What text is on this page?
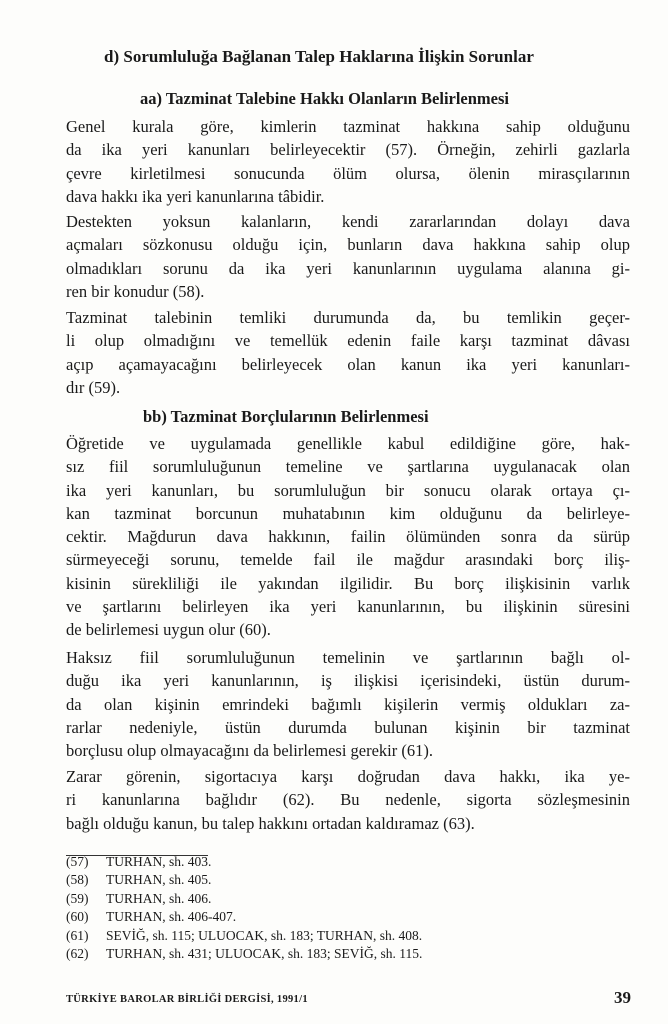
d) Sorumluluğa Bağlanan Talep Haklarına İlişkin Sorunlar
aa) Tazminat Talebine Hakkı Olanların Belirlenmesi
Genel kurala göre, kimlerin tazminat hakkına sahip olduğunu
da ika yeri kanunları belirleyecektir (57). Örneğin, zehirli gazlarla
çevre kirletilmesi sonucunda ölüm olursa, ölenin mirasçılarının
dava hakkı ika yeri kanunlarına tâbidir.
Destekten yoksun kalanların, kendi zararlarından dolayı dava
açmaları sözkonusu olduğu için, bunların dava hakkına sahip olup
olmadıkları sorunu da ika yeri kanunlarının uygulama alanına gi-
ren bir konudur (58).
Tazminat talebinin temliki durumunda da, bu temlikin geçer-
li olup olmadığını ve temellük edenin faile karşı tazminat dâvası
açıp açamayacağını belirleyecek olan kanun ika yeri kanunları-
dır (59).
bb) Tazminat Borçlularının Belirlenmesi
Öğretide ve uygulamada genellikle kabul edildiğine göre, hak-
sız fiil sorumluluğunun temeline ve şartlarına uygulanacak olan
ika yeri kanunları, bu sorumluluğun bir sonucu olarak ortaya çı-
kan tazminat borcunun muhatabının kim olduğunu da belirleye-
cektir. Mağdurun dava hakkının, failin ölümünden sonra da sürüp
sürmeyeceği sorunu, temelde fail ile mağdur arasındaki borç iliş-
kisinin sürekliliği ile yakından ilgilidir. Bu borç ilişkisinin varlık
ve şartlarını belirleyen ika yeri kanunlarının, bu ilişkinin süresini
de belirlemesi uygun olur (60).
Haksız fiil sorumluluğunun temelinin ve şartlarının bağlı ol-
duğu ika yeri kanunlarının, iş ilişkisi içerisindeki, üstün durum-
da olan kişinin emrindeki bağımlı kişilerin vermiş oldukları za-
rarlar nedeniyle, üstün durumda bulunan kişinin bir tazminat
borçlusu olup olmayacağını da belirlemesi gerekir (61).
Zarar görenin, sigortacıya karşı doğrudan dava hakkı, ika ye-
ri kanunlarına bağlıdır (62). Bu nedenle, sigorta sözleşmesinin
bağlı olduğu kanun, bu talep hakkını ortadan kaldıramaz (63).
(57) TURHAN, sh. 403.
(58) TURHAN, sh. 405.
(59) TURHAN, sh. 406.
(60) TURHAN, sh. 406-407.
(61) SEVİĞ, sh. 115; ULUOCAK, sh. 183; TURHAN, sh. 408.
(62) TURHAN, sh. 431; ULUOCAK, sh. 183; SEVİĞ, sh. 115.
TÜRKİYE BAROLAR BİRLİĞİ DERGİSİ, 1991/1	39
